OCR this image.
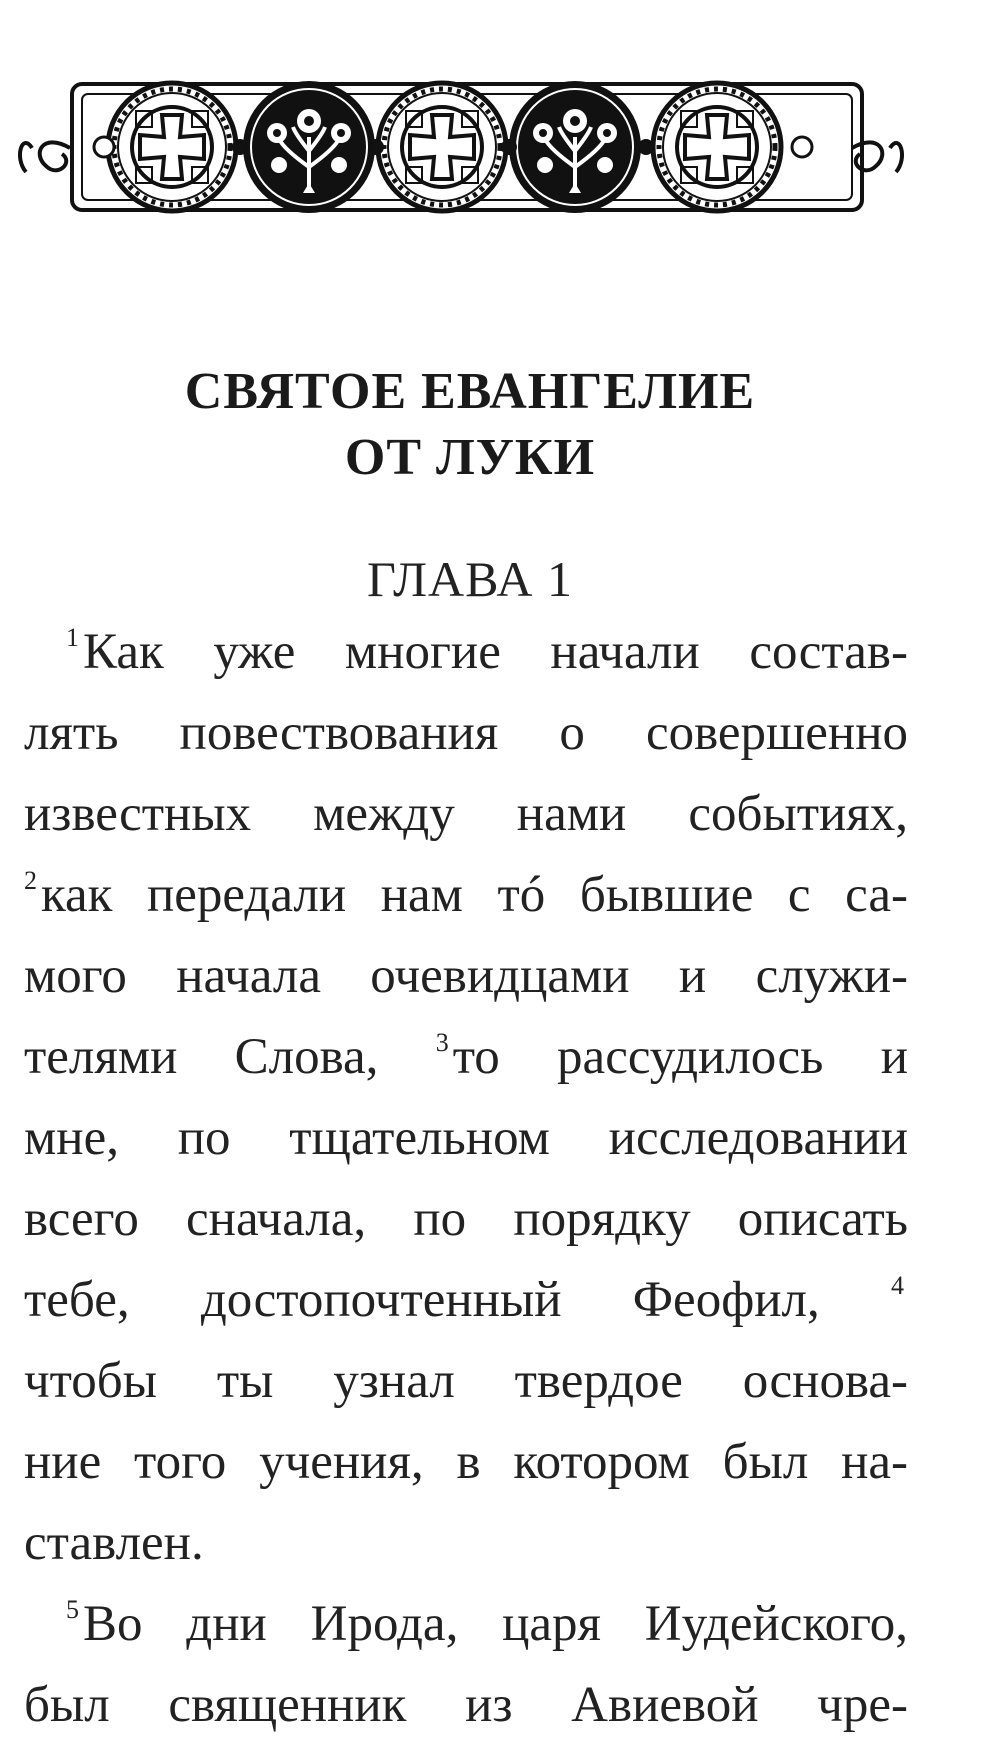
СВЯТОЕ ЕВАНГЕЛИЕ
ОТ ЛУКИ
ГЛАВА 1
$^1$Как уже многие начали состав-
лять повествования о совершенно
известных между нами событиях,
$^2$как передали нам тó бывшие с са-
мого начала очевидцами и служи-
телями Слова, $^3$то рассудилось и
мне, по тщательном исследовании
всего сначала, по порядку описать
тебе, достопочтенный Феофил,	$^4$
чтобы ты узнал твердое основа-
ние того учения, в котором был на-
ставлен.
$^5$Во дни Ирода, царя Иудейского,
был священник из Авиевой чре-
